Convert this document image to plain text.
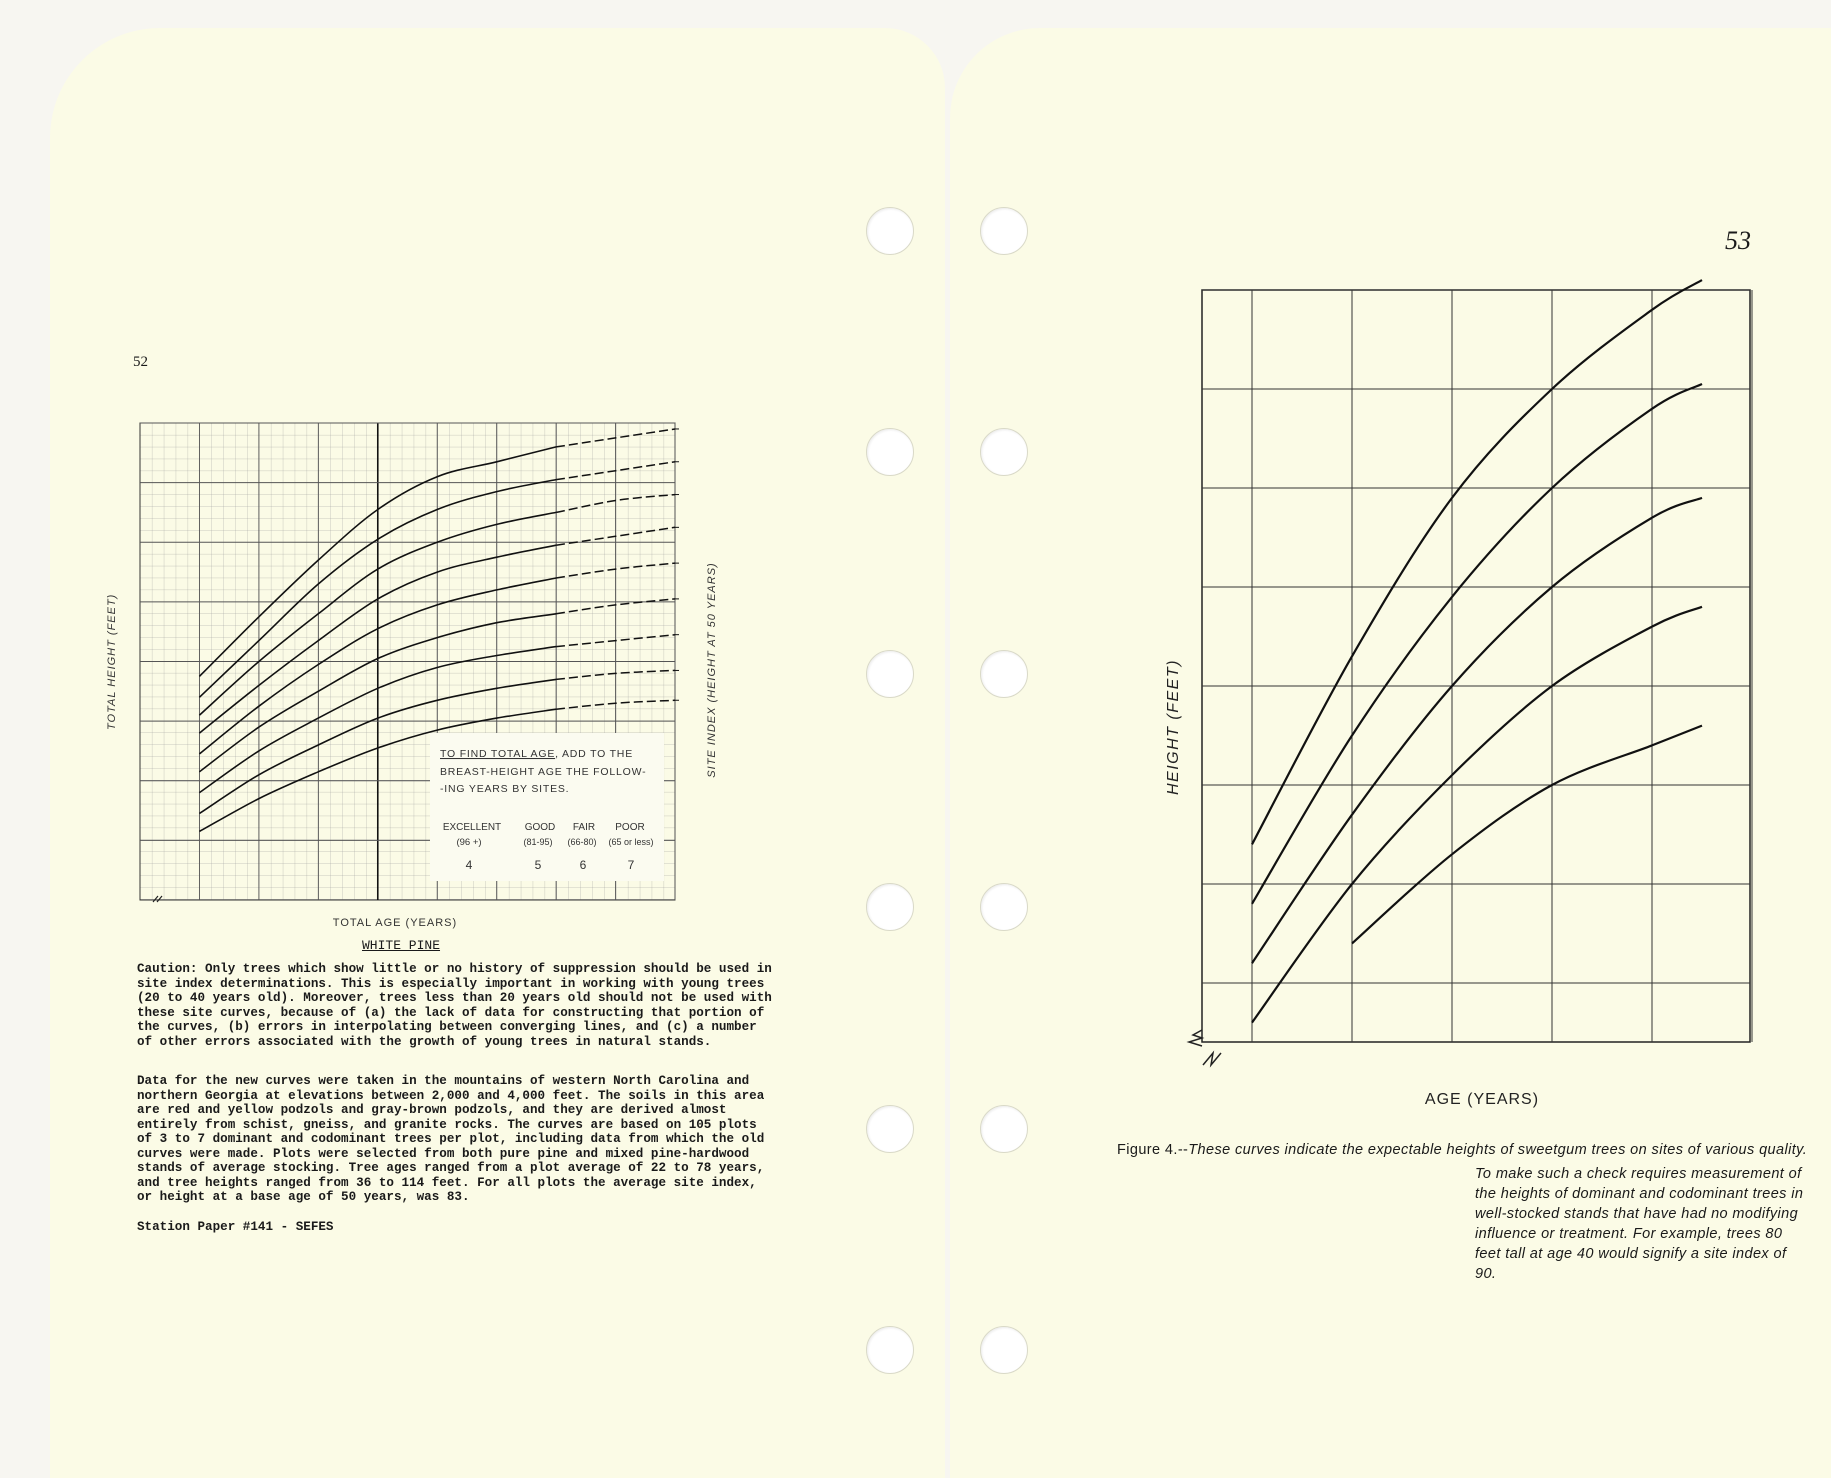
52
53
TOTAL HEIGHT (FEET)	SITE INDEX (HEIGHT AT 50 YEARS)
TOTAL AGE (YEARS)
TO FIND TOTAL AGE, ADD TO THE
BREAST-HEIGHT AGE THE FOLLOW-
-ING YEARS BY SITES.
EXCELLENT GOOD FAIR POOR
(96 +)	(81-95) (66-80) (65 or less)
4	5	6	7
WHITE PINE

Caution: Only trees which show little or no history of suppression should be used in site index determinations. This is especially important in working with young trees (20 to 40 years old). Moreover, trees less than 20 years old should not be used with these site curves, because of (a) the lack of data for constructing that portion of the curves, (b) errors in interpolating between converging lines, and (c) a number of other errors associated with the growth of young trees in natural stands.

Data for the new curves were taken in the mountains of western North Carolina and northern Georgia at elevations between 2,000 and 4,000 feet. The soils in this area are red and yellow podzols and gray-brown podzols, and they are derived almost entirely from schist, gneiss, and granite rocks. The curves are based on 105 plots of 3 to 7 dominant and codominant trees per plot, including data from which the old curves were made. Plots were selected from both pure pine and mixed pine-hardwood stands of average stocking. Tree ages ranged from a plot average of 22 to 78 years, and tree heights ranged from 36 to 114 feet. For all plots the average site index, or height at a base age of 50 years, was 83.

Station Paper #141 - SEFES
HEIGHT (FEET)
AGE (YEARS)
Figure 4.--These curves indicate the expectable heights of sweetgum trees on sites of various quality.
To make such a check requires measurement of the heights of dominant and codominant trees in well-stocked stands that have had no modifying influence or treatment. For example, trees 80 feet tall at age 40 would signify a site index of 90.
